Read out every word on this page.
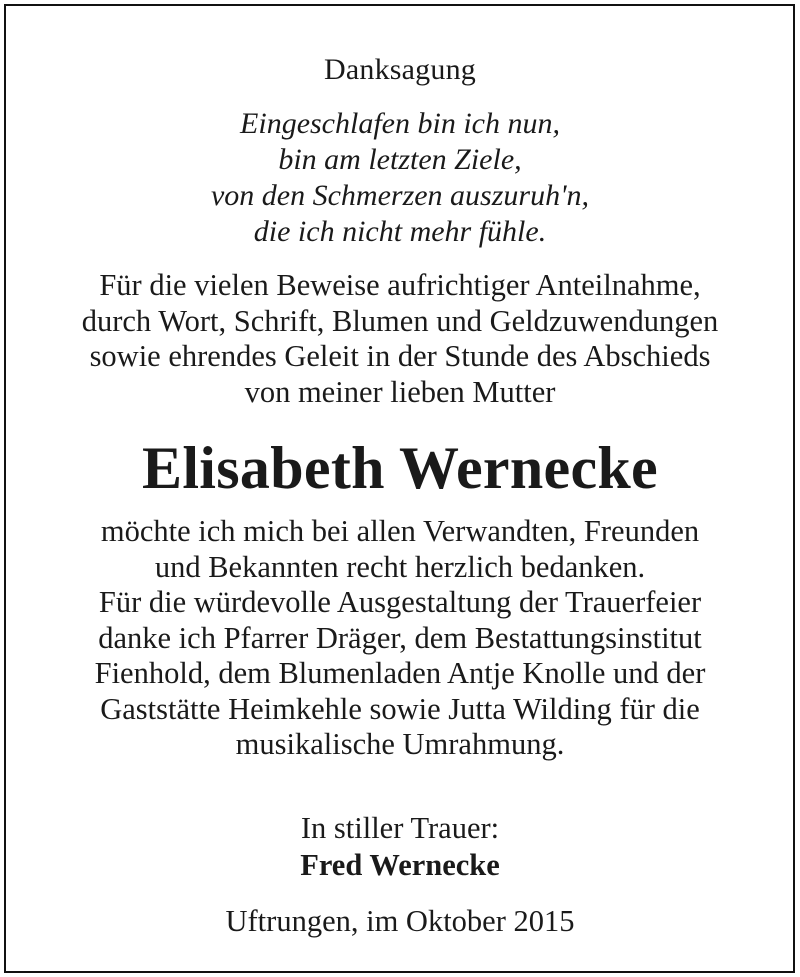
Danksagung
Eingeschlafen bin ich nun,
bin am letzten Ziele,
von den Schmerzen auszuruh'n,
die ich nicht mehr fühle.
Für die vielen Beweise aufrichtiger Anteilnahme,
durch Wort, Schrift, Blumen und Geldzuwendungen
sowie ehrendes Geleit in der Stunde des Abschieds
von meiner lieben Mutter
Elisabeth Wernecke
möchte ich mich bei allen Verwandten, Freunden
und Bekannten recht herzlich bedanken.
Für die würdevolle Ausgestaltung der Trauerfeier
danke ich Pfarrer Dräger, dem Bestattungsinstitut
Fienhold, dem Blumenladen Antje Knolle und der
Gaststätte Heimkehle sowie Jutta Wilding für die
musikalische Umrahmung.
In stiller Trauer:
Fred Wernecke
Uftrungen, im Oktober 2015
